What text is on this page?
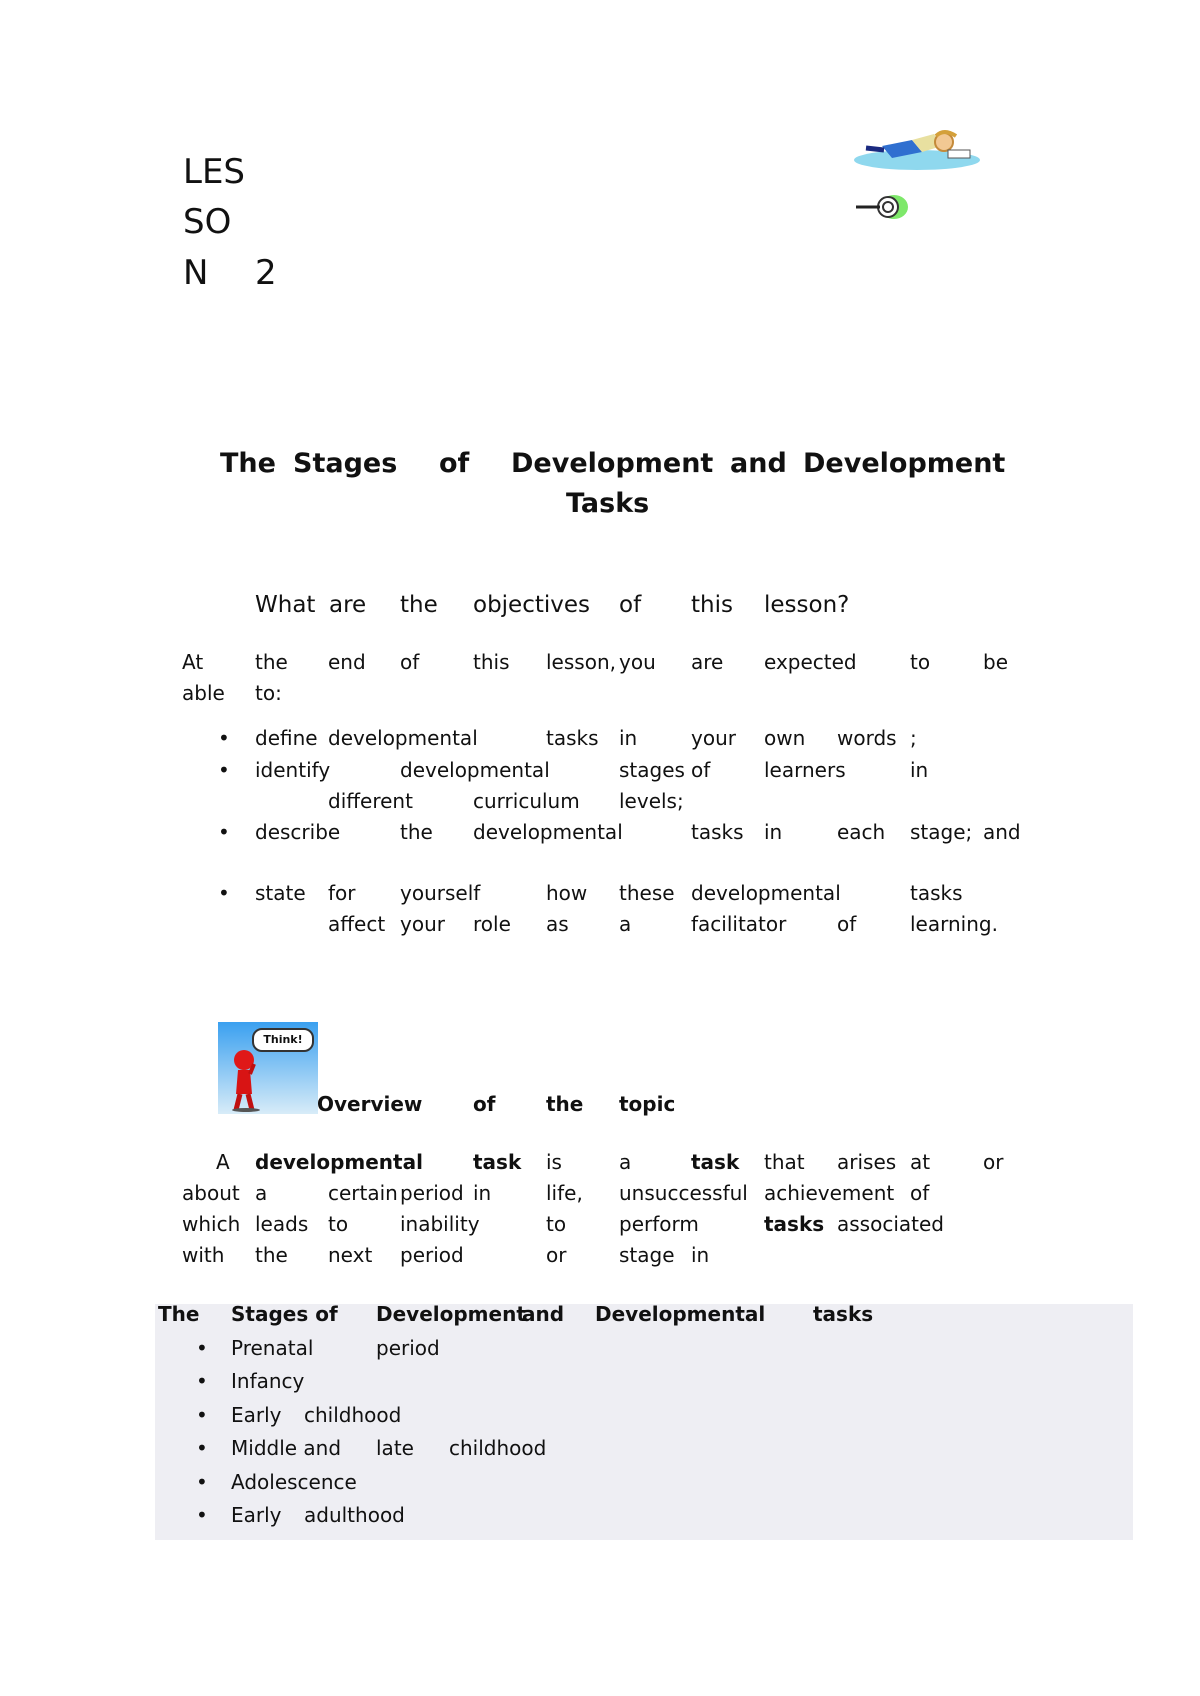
LES
SO
N 2
The Stages of Development and Development
Tasks
What are the objectives of this lesson?
At	the end of	this lesson, you are expected	to	be
able to:
• define developmental	tasks in	your own words ;
• identify	developmental	stages of	learners	in
different	curriculum levels;
• describe	the developmental	tasks in	each stage; and
• state for yourself	how these developmental	tasks
affect your role as	a	facilitator	of	learning.
Think!
Overview	of	the topic
A developmental	task is	a	task that arises at	or
about a	certain period in	life, unsuccessful achievement of
which leads to	inability	to	perform	tasks associated
with the next period	or	stage in
The Stages of Development
and Developmental tasks
• Prenatal	period
• Infancy
• Early childhood
• Middle and late childhood
• Adolescence
• Early adulthood
